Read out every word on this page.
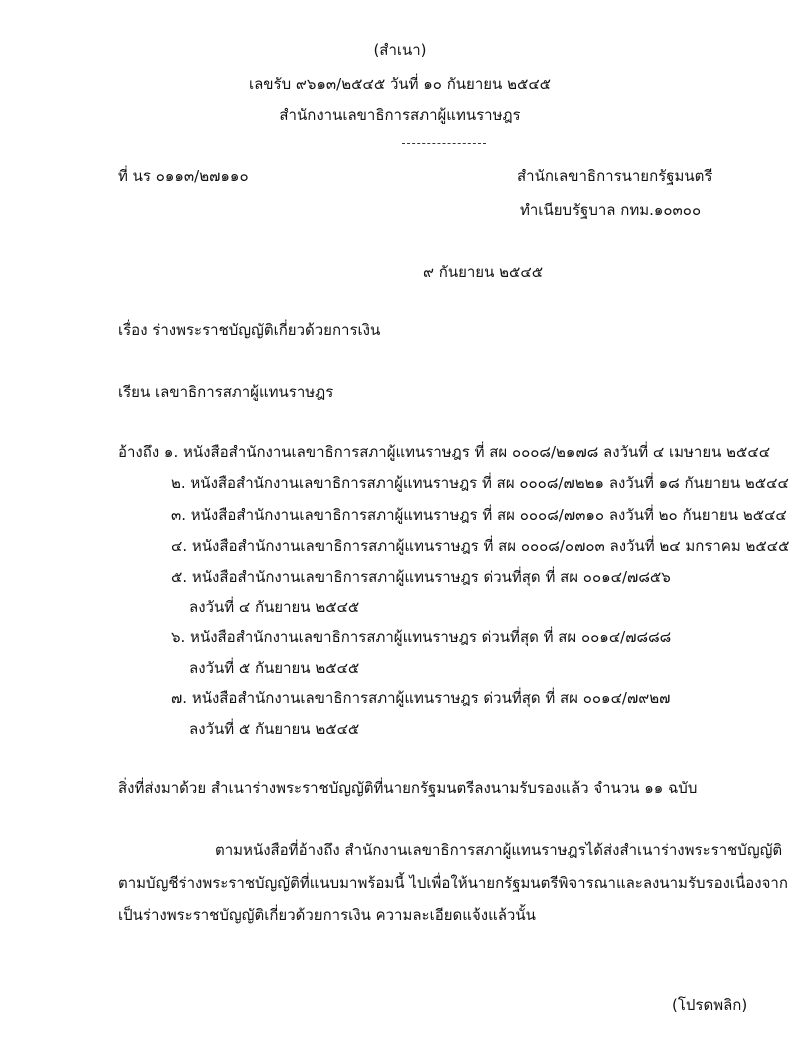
(สำเนา)
เลขรับ ๙๖๑๓/๒๕๔๕ วันที่ ๑๐ กันยายน ๒๕๔๕
สำนักงานเลขาธิการสภาผู้แทนราษฎร
ที่ นร ๐๑๑๓/๒๗๑๑๐	สำนักเลขาธิการนายกรัฐมนตรี
ทำเนียบรัฐบาล กทม.๑๐๓๐๐
๙ กันยายน ๒๕๔๕
เรื่อง ร่างพระราชบัญญัติเกี่ยวด้วยการเงิน
เรียน เลขาธิการสภาผู้แทนราษฎร
อ้างถึง ๑. หนังสือสำนักงานเลขาธิการสภาผู้แทนราษฎร ที่ สผ ๐๐๐๘/๒๑๗๘ ลงวันที่ ๔ เมษายน ๒๕๔๔
๒. หนังสือสำนักงานเลขาธิการสภาผู้แทนราษฎร ที่ สผ ๐๐๐๘/๗๒๒๑ ลงวันที่ ๑๘ กันยายน ๒๕๔๔
๓. หนังสือสำนักงานเลขาธิการสภาผู้แทนราษฎร ที่ สผ ๐๐๐๘/๗๓๑๐ ลงวันที่ ๒๐ กันยายน ๒๕๔๔
๔. หนังสือสำนักงานเลขาธิการสภาผู้แทนราษฎร ที่ สผ ๐๐๐๘/๐๗๐๓ ลงวันที่ ๒๔ มกราคม ๒๕๔๕
๕. หนังสือสำนักงานเลขาธิการสภาผู้แทนราษฎร ด่วนที่สุด ที่ สผ ๐๐๑๔/๗๘๕๖
ลงวันที่ ๔ กันยายน ๒๕๔๕
๖. หนังสือสำนักงานเลขาธิการสภาผู้แทนราษฎร ด่วนที่สุด ที่ สผ ๐๐๑๔/๗๘๘๘
ลงวันที่ ๕ กันยายน ๒๕๔๕
๗. หนังสือสำนักงานเลขาธิการสภาผู้แทนราษฎร ด่วนที่สุด ที่ สผ ๐๐๑๔/๗๙๒๗
ลงวันที่ ๕ กันยายน ๒๕๔๕
สิ่งที่ส่งมาด้วย สำเนาร่างพระราชบัญญัติที่นายกรัฐมนตรีลงนามรับรองแล้ว จำนวน ๑๑ ฉบับ
ตามหนังสือที่อ้างถึง สำนักงานเลขาธิการสภาผู้แทนราษฎรได้ส่งสำเนาร่างพระราชบัญญัติ
ตามบัญชีร่างพระราชบัญญัติที่แนบมาพร้อมนี้ ไปเพื่อให้นายกรัฐมนตรีพิจารณาและลงนามรับรองเนื่องจาก
เป็นร่างพระราชบัญญัติเกี่ยวด้วยการเงิน ความละเอียดแจ้งแล้วนั้น
(โปรดพลิก)
